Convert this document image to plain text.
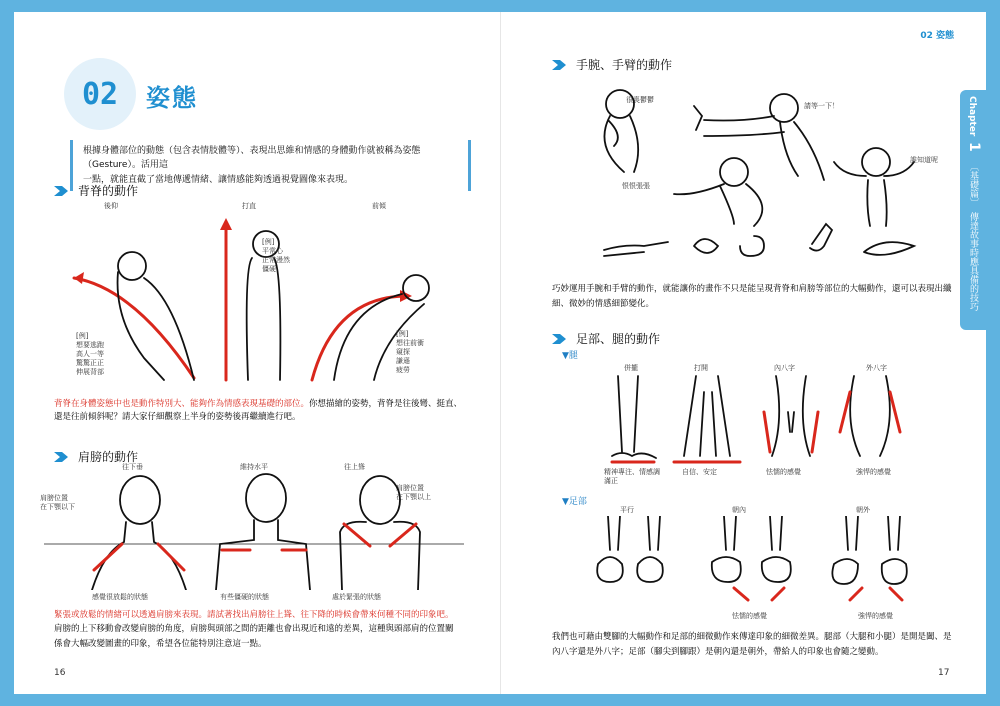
02	姿態
根據身體部位的動態（包含表情肢體等）、表現出思維和情感的身體動作就被稱為姿態（Gesture）。活用這
一點，就能直截了當地傳遞情緒、讓情感能夠透過視覺圖像來表現。
背脊的動作
後仰	打直	前傾
[例]
平常心
正常漫然
僵硬
[例]
想要逃跑
高人一等
驚驚正正
伸展背部
[例]
想往前衝
窺探
謙遜
疲勞
背脊在身體姿態中也是動作特別大、能夠作為情感表現基礎的部位。你想描繪的姿勢，背脊是往後彎、挺直、還是往前傾斜呢？請大家仔細觀察上半身的姿勢後再繼續進行吧。
肩膀的動作
往下垂	維持水平	往上聳
肩膀位置
在下顎以下
肩膀位置
在下顎以上
感覺很放鬆的狀態	有些僵硬的狀態	處於緊張的狀態
緊張或放鬆的情緒可以透過肩膀來表現。請試著找出肩膀往上聳、往下降的時候會帶來何種不同的印象吧。
肩膀的上下移動會改變肩膀的角度，肩膀與頭部之間的距離也會出現近和遠的差異，這種與頭部肩的位置關
係會大幅改變圖畫的印象，希望各位能特別注意這一點。
16
02 姿態
Chapter
1
〔基礎篇〕
傳達故事時應具備的技巧
手腕、手臂的動作
很喪鬱鬱
請等一下！
誰知道呢
恨恨張張
巧妙運用手腕和手臂的動作，就能讓你的畫作不只是能呈現背脊和肩膀等部位的大幅動作，還可以表現出纖細、微妙的情感細節變化。
足部、腿的動作
▼腿
併攏	打開	內八字	外八字
精神專注、情感調滿正
自信、安定	怯懦的感覺	強悍的感覺
▼足部
平行	朝內	朝外
怯懦的感覺	強悍的感覺
我們也可藉由雙腳的大幅動作和足部的細微動作來傳達印象的細微差異。腿部（大腿和小腿）是開是闔、是
內八字還是外八字；足部（腳尖到腳跟）是朝內還是朝外，帶給人的印象也會隨之變動。
17
